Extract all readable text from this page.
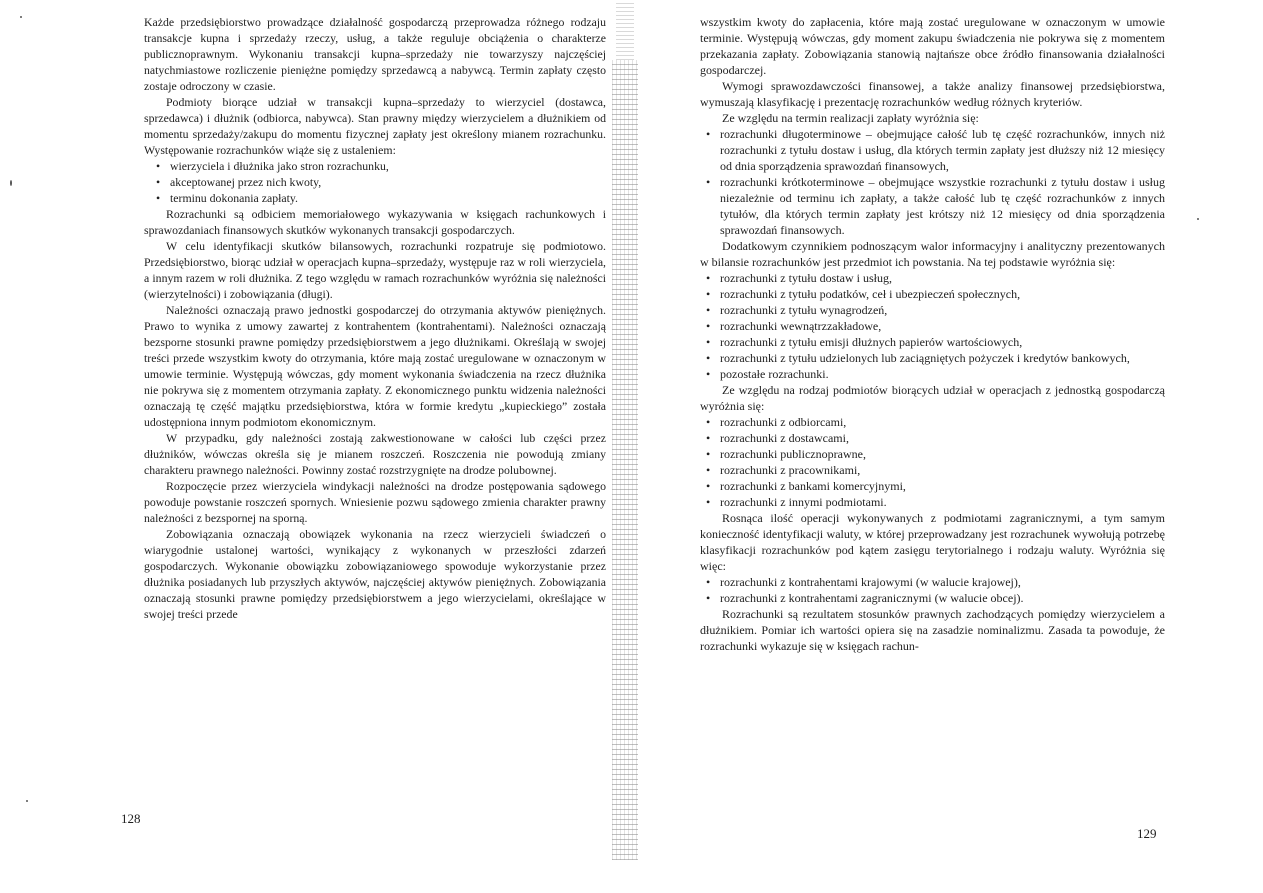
Każde przedsiębiorstwo prowadzące działalność gospodarczą przeprowadza różnego rodzaju transakcje kupna i sprzedaży rzeczy, usług, a także reguluje obciążenia o charakterze publicznoprawnym. Wykonaniu transakcji kupna–sprzedaży nie towarzyszy najczęściej natychmiastowe rozliczenie pieniężne pomiędzy sprzedawcą a nabywcą. Termin zapłaty często zostaje odroczony w czasie.

Podmioty biorące udział w transakcji kupna–sprzedaży to wierzyciel (dostawca, sprzedawca) i dłużnik (odbiorca, nabywca). Stan prawny między wierzycielem a dłużnikiem od momentu sprzedaży/zakupu do momentu fizycznej zapłaty jest określony mianem rozrachunku. Występowanie rozrachunków wiąże się z ustaleniem:

• wierzyciela i dłużnika jako stron rozrachunku,
• akceptowanej przez nich kwoty,
• terminu dokonania zapłaty.

Rozrachunki są odbiciem memoriałowego wykazywania w księgach rachunkowych i sprawozdaniach finansowych skutków wykonanych transakcji gospodarczych.

W celu identyfikacji skutków bilansowych, rozrachunki rozpatruje się podmiotowo. Przedsiębiorstwo, biorąc udział w operacjach kupna–sprzedaży, występuje raz w roli wierzyciela, a innym razem w roli dłużnika. Z tego względu w ramach rozrachunków wyróżnia się należności (wierzytelności) i zobowiązania (długi).

Należności oznaczają prawo jednostki gospodarczej do otrzymania aktywów pieniężnych. Prawo to wynika z umowy zawartej z kontrahentem (kontrahentami). Należności oznaczają bezsporne stosunki prawne pomiędzy przedsiębiorstwem a jego dłużnikami. Określają w swojej treści przede wszystkim kwoty do otrzymania, które mają zostać uregulowane w oznaczonym w umowie terminie. Występują wówczas, gdy moment wykonania świadczenia na rzecz dłużnika nie pokrywa się z momentem otrzymania zapłaty. Z ekonomicznego punktu widzenia należności oznaczają tę część majątku przedsiębiorstwa, która w formie kredytu „kupieckiego” została udostępniona innym podmiotom ekonomicznym.

W przypadku, gdy należności zostają zakwestionowane w całości lub części przez dłużników, wówczas określa się je mianem roszczeń. Roszczenia nie powodują zmiany charakteru prawnego należności. Powinny zostać rozstrzygnięte na drodze polubownej.

Rozpoczęcie przez wierzyciela windykacji należności na drodze postępowania sądowego powoduje powstanie roszczeń spornych. Wniesienie pozwu sądowego zmienia charakter prawny należności z bezspornej na sporną.

Zobowiązania oznaczają obowiązek wykonania na rzecz wierzycieli świadczeń o wiarygodnie ustalonej wartości, wynikający z wykonanych w przeszłości zdarzeń gospodarczych. Wykonanie obowiązku zobowiązaniowego spowoduje wykorzystanie przez dłużnika posiadanych lub przyszłych aktywów, najczęściej aktywów pieniężnych. Zobowiązania oznaczają stosunki prawne pomiędzy przedsiębiorstwem a jego wierzycielami, określające w swojej treści przede

128

wszystkim kwoty do zapłacenia, które mają zostać uregulowane w oznaczonym w umowie terminie. Występują wówczas, gdy moment zakupu świadczenia nie pokrywa się z momentem przekazania zapłaty. Zobowiązania stanowią najtańsze obce źródło finansowania działalności gospodarczej.

Wymogi sprawozdawczości finansowej, a także analizy finansowej przedsiębiorstwa, wymuszają klasyfikację i prezentację rozrachunków według różnych kryteriów.

Ze względu na termin realizacji zapłaty wyróżnia się:

• rozrachunki długoterminowe – obejmujące całość lub tę część rozrachunków, innych niż rozrachunki z tytułu dostaw i usług, dla których termin zapłaty jest dłuższy niż 12 miesięcy od dnia sporządzenia sprawozdań finansowych,
• rozrachunki krótkoterminowe – obejmujące wszystkie rozrachunki z tytułu dostaw i usług niezależnie od terminu ich zapłaty, a także całość lub tę część rozrachunków z innych tytułów, dla których termin zapłaty jest krótszy niż 12 miesięcy od dnia sporządzenia sprawozdań finansowych.

Dodatkowym czynnikiem podnoszącym walor informacyjny i analityczny prezentowanych w bilansie rozrachunków jest przedmiot ich powstania. Na tej podstawie wyróżnia się:

• rozrachunki z tytułu dostaw i usług,
• rozrachunki z tytułu podatków, ceł i ubezpieczeń społecznych,
• rozrachunki z tytułu wynagrodzeń,
• rozrachunki wewnątrzzakładowe,
• rozrachunki z tytułu emisji dłużnych papierów wartościowych,
• rozrachunki z tytułu udzielonych lub zaciągniętych pożyczek i kredytów bankowych,
• pozostałe rozrachunki.

Ze względu na rodzaj podmiotów biorących udział w operacjach z jednostką gospodarczą wyróżnia się:

• rozrachunki z odbiorcami,
• rozrachunki z dostawcami,
• rozrachunki publicznoprawne,
• rozrachunki z pracownikami,
• rozrachunki z bankami komercyjnymi,
• rozrachunki z innymi podmiotami.

Rosnąca ilość operacji wykonywanych z podmiotami zagranicznymi, a tym samym konieczność identyfikacji waluty, w której przeprowadzany jest rozrachunek wywołują potrzebę klasyfikacji rozrachunków pod kątem zasięgu terytorialnego i rodzaju waluty. Wyróżnia się więc:

• rozrachunki z kontrahentami krajowymi (w walucie krajowej),
• rozrachunki z kontrahentami zagranicznymi (w walucie obcej).

Rozrachunki są rezultatem stosunków prawnych zachodzących pomiędzy wierzycielem a dłużnikiem. Pomiar ich wartości opiera się na zasadzie nominalizmu. Zasada ta powoduje, że rozrachunki wykazuje się w księgach rachun-

129
